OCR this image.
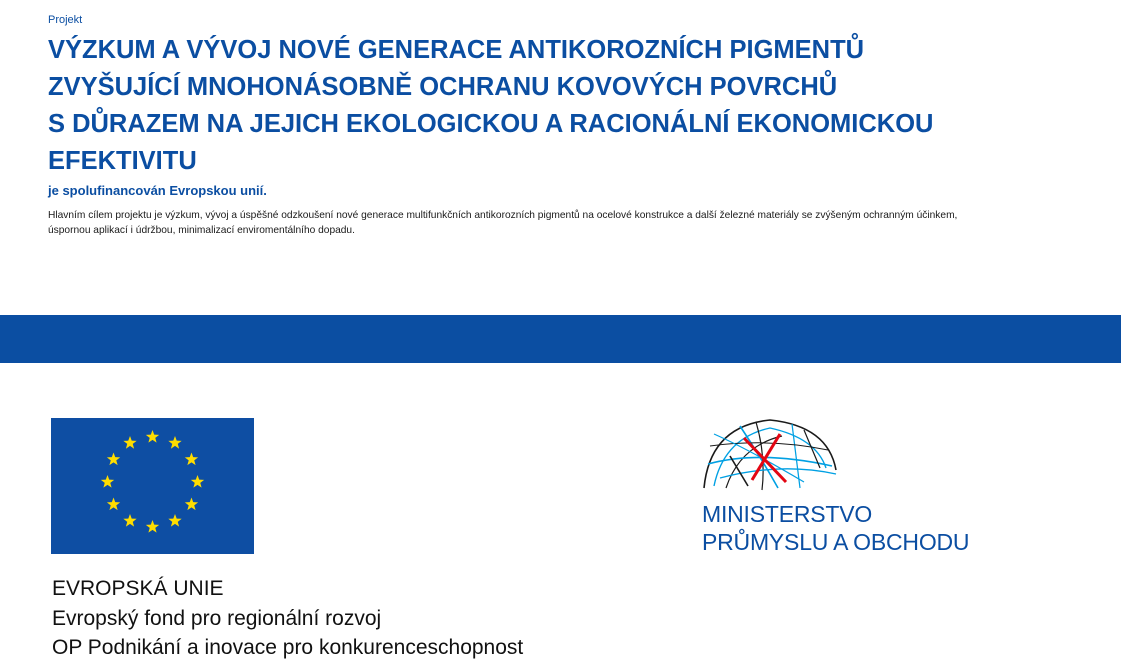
Projekt
VÝZKUM A VÝVOJ NOVÉ GENERACE ANTIKOROZNÍCH PIGMENTŮ
ZVYŠUJÍCÍ MNOHONÁSOBNĚ OCHRANU KOVOVÝCH POVRCHŮ
S DŮRAZEM NA JEJICH EKOLOGICKOU A RACIONÁLNÍ EKONOMICKOU
EFEKTIVITU
je spolufinancován Evropskou unií.
Hlavním cílem projektu je výzkum, vývoj a úspěšné odzkoušení nové generace multifunkčních antikorozních pigmentů na ocelové konstrukce a další železné materiály se zvýšeným ochranným účinkem,
úspornou aplikací i údržbou, minimalizací enviromentálního dopadu.
EVROPSKÁ UNIE
Evropský fond pro regionální rozvoj
OP Podnikání a inovace pro konkurenceschopnost
MINISTERSTVO
PRŮMYSLU A OBCHODU
